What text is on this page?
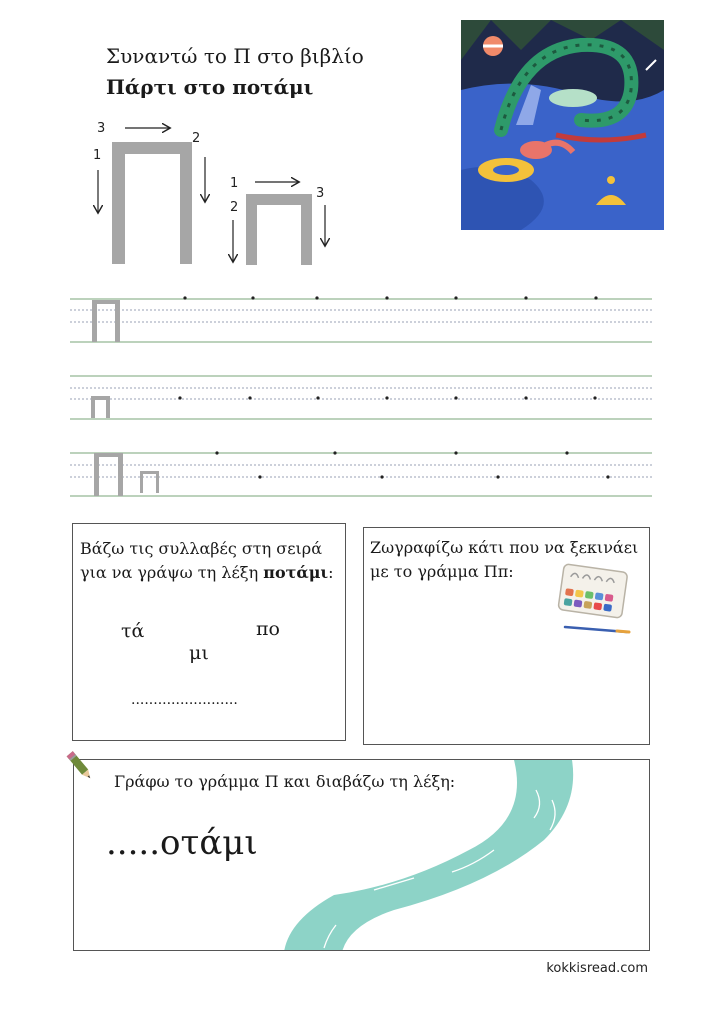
Συναντώ το Π στο βιβλίο
Πάρτι στο ποτάμι
1
2
3
1
2
3
Βάζω τις συλλαβές στη σειρά
για να γράψω τη λέξη ποτάμι:
τά	πο
μι
........................
Ζωγραφίζω κάτι που να ξεκινάει
με το γράμμα Ππ:
Γράφω το γράμμα Π και διαβάζω τη λέξη:
.....οτάμι
kokkisread.com
